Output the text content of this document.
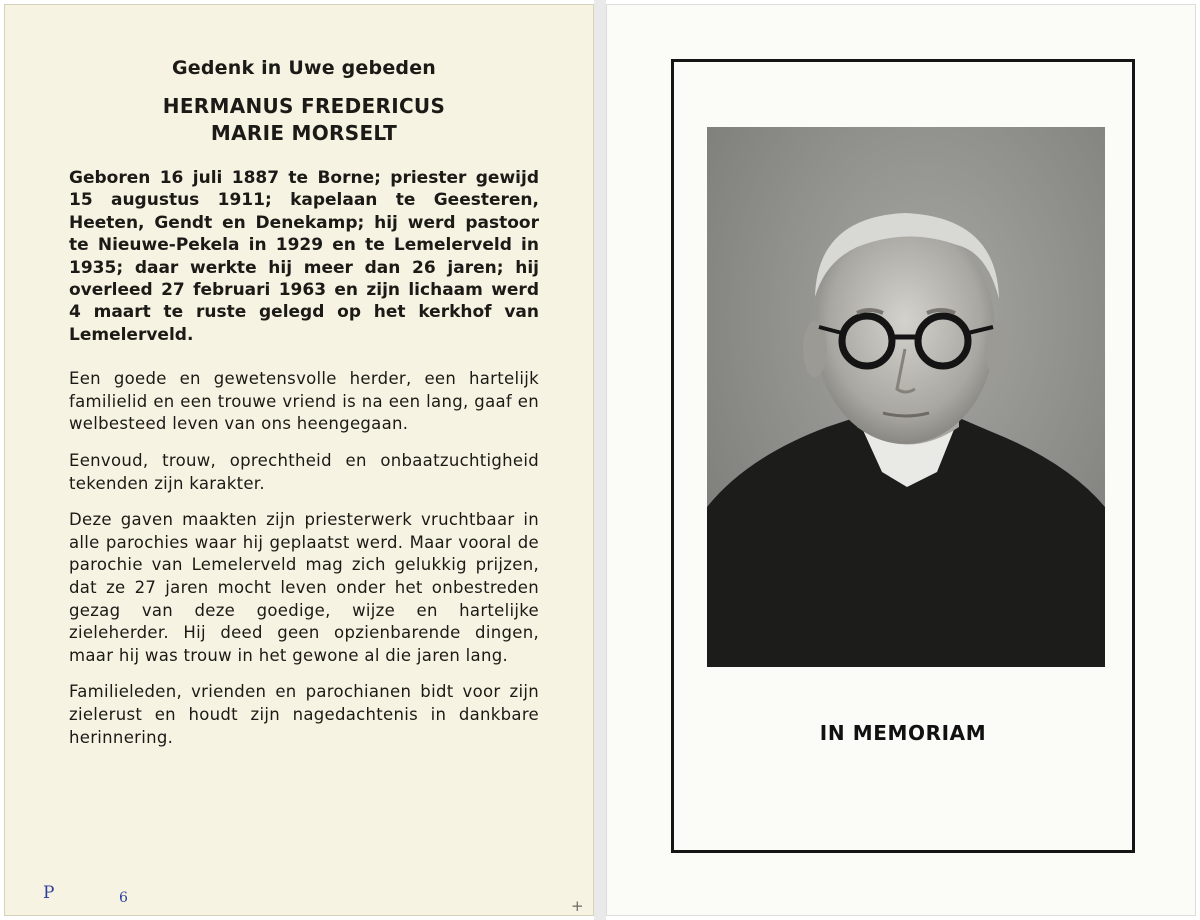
Gedenk in Uwe gebeden

HERMANUS FREDERICUS

MARIE MORSELT

Geboren 16 juli 1887 te Borne; priester gewijd 15 augustus 1911; kapelaan te Geesteren, Heeten, Gendt en Denekamp; hij werd pastoor te Nieuwe-Pekela in 1929 en te Lemelerveld in 1935; daar werkte hij meer dan 26 jaren; hij overleed 27 februari 1963 en zijn lichaam werd 4 maart te ruste gelegd op het kerkhof van Lemelerveld.

Een goede en gewetensvolle herder, een hartelijk familielid en een trouwe vriend is na een lang, gaaf en welbesteed leven van ons heengegaan.

Eenvoud, trouw, oprechtheid en onbaatzuchtigheid tekenden zijn karakter.

Deze gaven maakten zijn priesterwerk vruchtbaar in alle parochies waar hij geplaatst werd. Maar vooral de parochie van Lemelerveld mag zich gelukkig prijzen, dat ze 27 jaren mocht leven onder het onbestreden gezag van deze goedige, wijze en hartelijke zieleherder. Hij deed geen opzienbarende dingen, maar hij was trouw in het gewone al die jaren lang.

Familieleden, vrienden en parochianen bidt voor zijn zielerust en houdt zijn nagedachtenis in dankbare herinnering.

P	6	+
IN MEMORIAM
